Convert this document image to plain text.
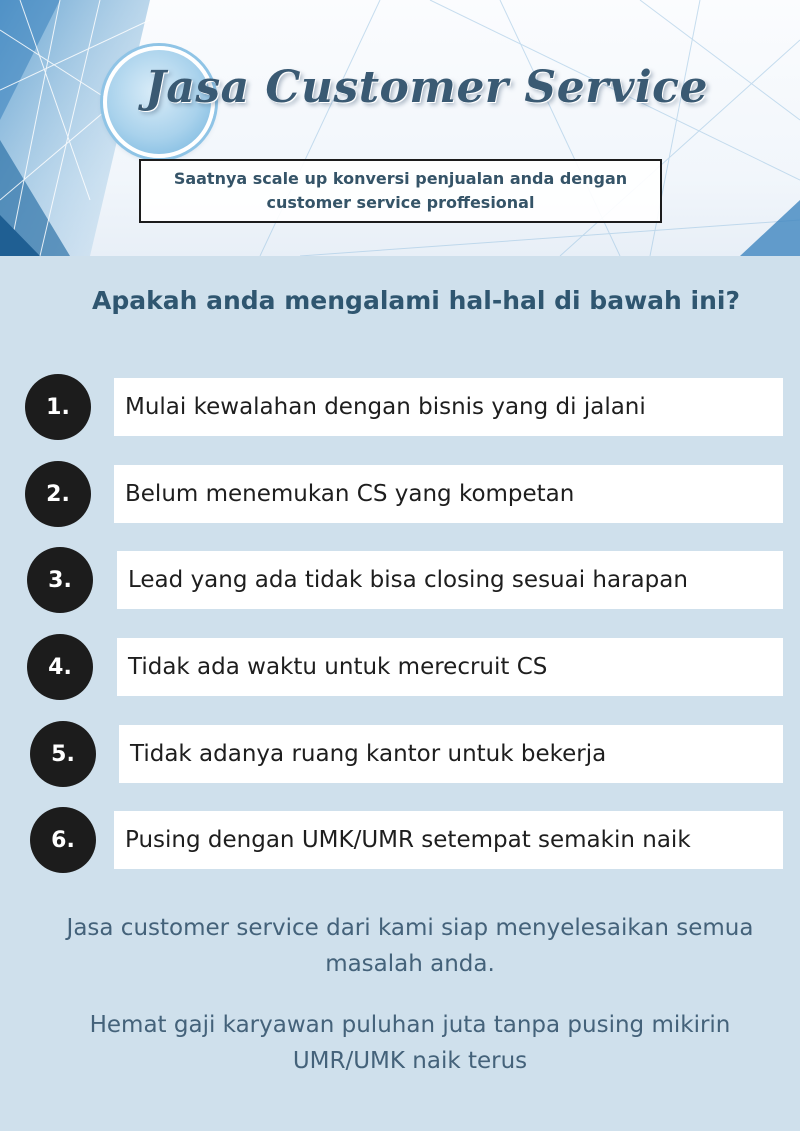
Jasa Customer Service
Saatnya scale up konversi penjualan anda dengan
customer service proffesional
Apakah anda mengalami hal-hal di bawah ini?
1.	Mulai kewalahan dengan bisnis yang di jalani
2.	Belum menemukan CS yang kompetan
3.	Lead yang ada tidak bisa closing sesuai harapan
4.	Tidak ada waktu untuk merecruit CS
5.	Tidak adanya ruang kantor untuk bekerja
6.	Pusing dengan UMK/UMR setempat semakin naik
Jasa customer service dari kami siap menyelesaikan semua masalah anda.
Hemat gaji karyawan puluhan juta tanpa pusing mikirin UMR/UMK naik terus
